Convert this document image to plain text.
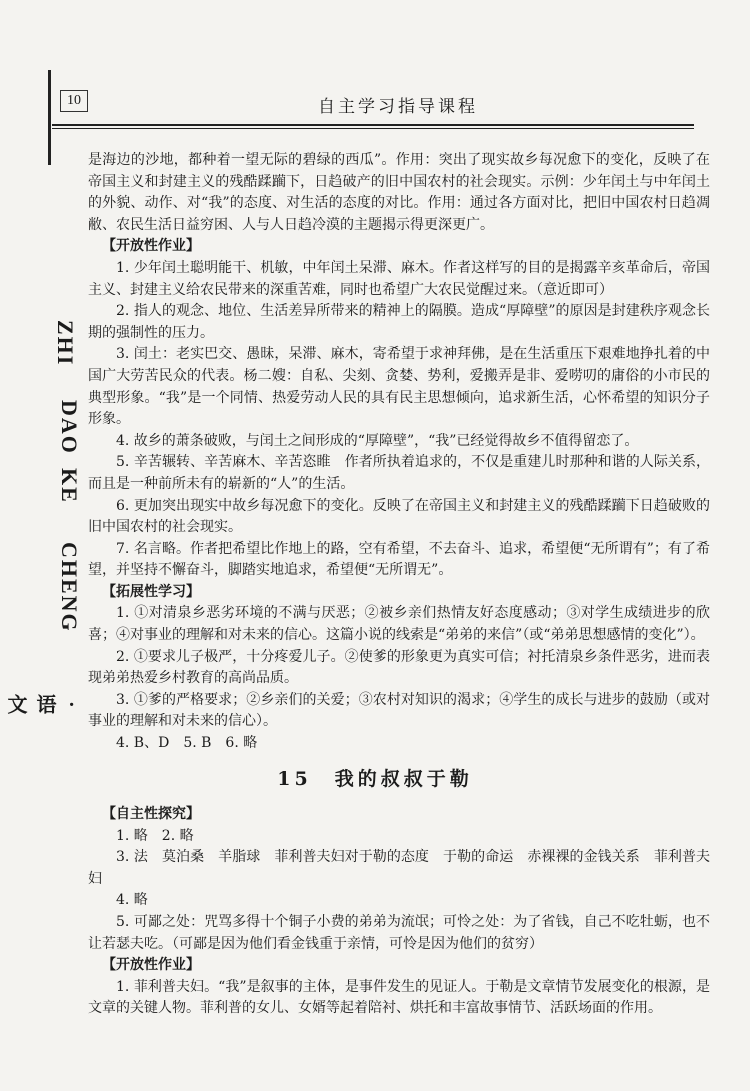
10	自主学习指导课程
ZHI
DAO
KE
CHENG
·语文

是海边的沙地，都种着一望无际的碧绿的西瓜”。作用：突出了现实故乡每况愈下的变化，反映了在帝国主义和封建主义的残酷蹂躏下，日趋破产的旧中国农村的社会现实。示例：少年闰土与中年闰土的外貌、动作、对“我”的态度、对生活的态度的对比。作用：通过各方面对比，把旧中国农村日趋凋敝、农民生活日益穷困、人与人日趋冷漠的主题揭示得更深更广。

【开放性作业】

1. 少年闰土聪明能干、机敏，中年闰土呆滞、麻木。作者这样写的目的是揭露辛亥革命后，帝国主义、封建主义给农民带来的深重苦难，同时也希望广大农民觉醒过来。（意近即可）

2. 指人的观念、地位、生活差异所带来的精神上的隔膜。造成“厚障壁”的原因是封建秩序观念长期的强制性的压力。

3. 闰土：老实巴交、愚昧，呆滞、麻木，寄希望于求神拜佛，是在生活重压下艰难地挣扎着的中国广大劳苦民众的代表。杨二嫂：自私、尖刻、贪婪、势利，爱搬弄是非、爱唠叨的庸俗的小市民的典型形象。“我”是一个同情、热爱劳动人民的具有民主思想倾向，追求新生活，心怀希望的知识分子形象。

4. 故乡的萧条破败，与闰土之间形成的“厚障壁”，“我”已经觉得故乡不值得留恋了。

5. 辛苦辗转、辛苦麻木、辛苦恣睢　作者所执着追求的，不仅是重建儿时那种和谐的人际关系，而且是一种前所未有的崭新的“人”的生活。

6. 更加突出现实中故乡每况愈下的变化。反映了在帝国主义和封建主义的残酷蹂躏下日趋破败的旧中国农村的社会现实。

7. 名言略。作者把希望比作地上的路，空有希望，不去奋斗、追求，希望便“无所谓有”；有了希望，并坚持不懈奋斗，脚踏实地追求，希望便“无所谓无”。

【拓展性学习】

1. ①对清泉乡恶劣环境的不满与厌恶；②被乡亲们热情友好态度感动；③对学生成绩进步的欣喜；④对事业的理解和对未来的信心。这篇小说的线索是“弟弟的来信”（或“弟弟思想感情的变化”）。

2. ①要求儿子极严，十分疼爱儿子。②使爹的形象更为真实可信；衬托清泉乡条件恶劣，进而表现弟弟热爱乡村教育的高尚品质。

3. ①爹的严格要求；②乡亲们的关爱；③农村对知识的渴求；④学生的成长与进步的鼓励（或对事业的理解和对未来的信心）。

4. B、D　5. B　6. 略

15　我的叔叔于勒

【自主性探究】

1. 略　2. 略

3. 法　莫泊桑　羊脂球　菲利普夫妇对于勒的态度　于勒的命运　赤裸裸的金钱关系　菲利普夫妇

4. 略

5. 可鄙之处：咒骂多得十个铜子小费的弟弟为流氓；可怜之处：为了省钱，自己不吃牡蛎，也不让若瑟夫吃。（可鄙是因为他们看金钱重于亲情，可怜是因为他们的贫穷）

【开放性作业】

1. 菲利普夫妇。“我”是叙事的主体，是事件发生的见证人。于勒是文章情节发展变化的根源，是文章的关键人物。菲利普的女儿、女婿等起着陪衬、烘托和丰富故事情节、活跃场面的作用。
